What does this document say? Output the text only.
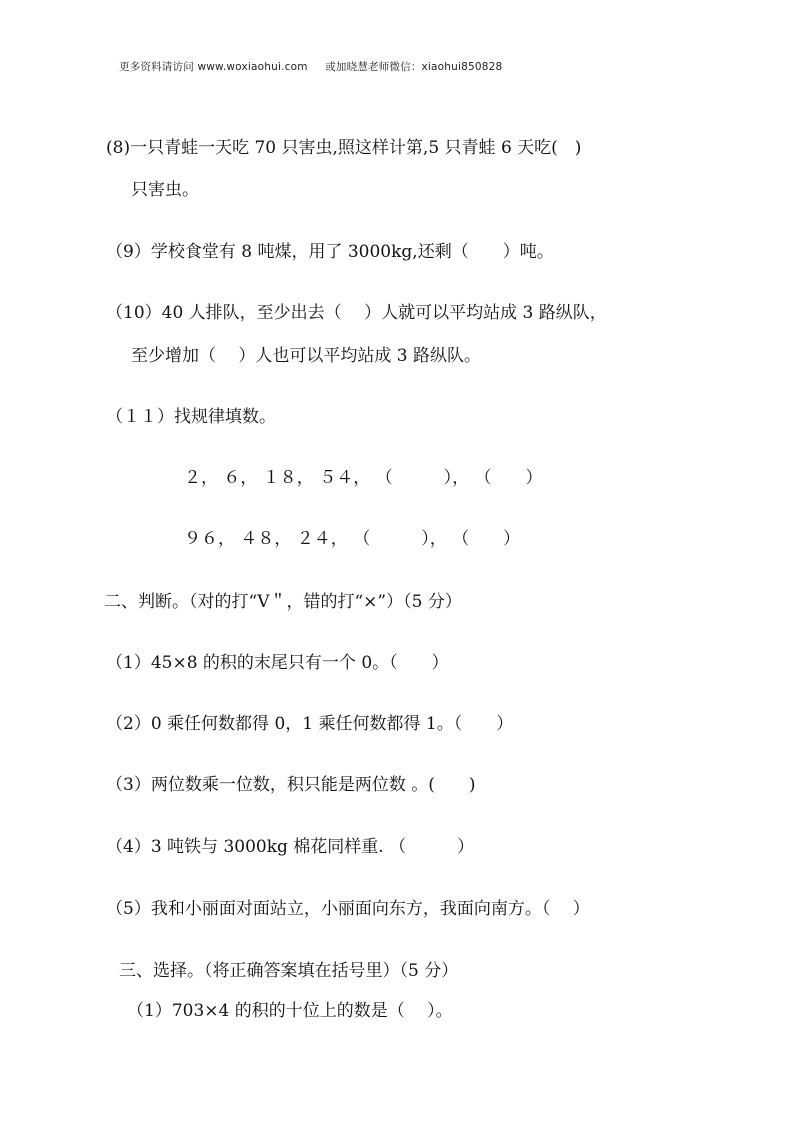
更多资料请访问 www.woxiaohui.com 或加晓慧老师微信：xiaohui850828
(8)一只青蛙一天吃 70 只害虫,照这样计第,5 只青蛙 6 天吃(　)
只害虫。
（9）学校食堂有 8 吨煤，用了 3000kg,还剩（　　）吨。
（10）40 人排队，至少出去（　 ）人就可以平均站成 3 路纵队，
至少增加（　 ）人也可以平均站成 3 路纵队。
（１１）找规律填数。
２， ６， １８， ５４， （　　　）， （　　）
９６， ４８， ２４， （　　　）， （　　）
二、判断。（对的打“V＂，错的打“×”）（5 分）
（1）45×8 的积的末尾只有一个 0。（　　）
（2）0 乘任何数都得 0，1 乘任何数都得 1。（　　）
（3）两位数乘一位数，积只能是两位数 。(　　)
（4）3 吨铁与 3000kg 棉花同样重. （　　　）
（5）我和小丽面对面站立，小丽面向东方，我面向南方。（　 ）
三、选择。（将正确答案填在括号里）（5 分）
（1）703×4 的积的十位上的数是（　 ）。
